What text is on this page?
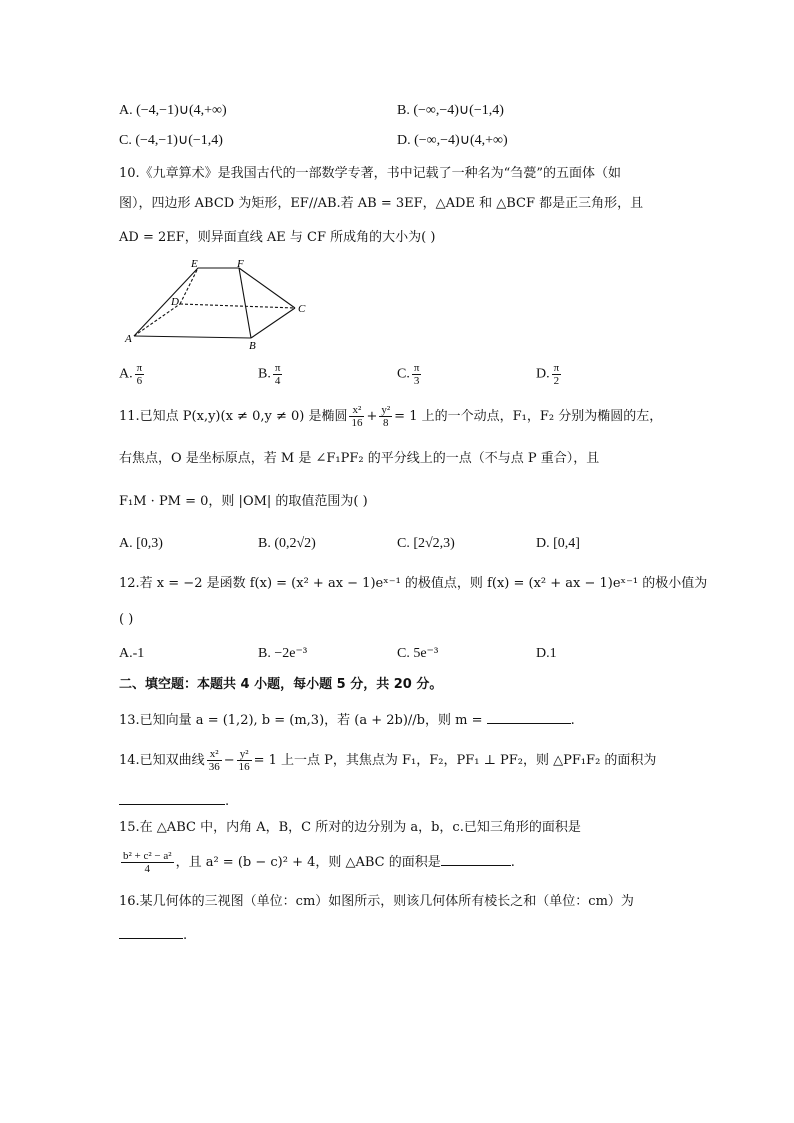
A. (−4,−1)∪(4,+∞)	B. (−∞,−4)∪(−1,4)
C. (−4,−1)∪(−1,4)	D. (−∞,−4)∪(4,+∞)
10.《九章算术》是我国古代的一部数学专著，书中记载了一种名为“刍甍”的五面体（如
图），四边形 ABCD 为矩形，EF//AB.若 AB = 3EF，△ADE 和 △BCF 都是正三角形，且
AD = 2EF，则异面直线 AE 与 CF 所成角的大小为( )
E	F
D
C
A
B
A. $\frac{\pi}{6}$	B. $\frac{\pi}{4}$	C. $\frac{\pi}{3}$	D. $\frac{\pi}{2}$
11.已知点 P(x,y)(x ≠ 0,y ≠ 0) 是椭圆 $\frac{\text{x²}}{16} + \frac{\text{y²}}{8} = 1$ 上的一个动点，F₁，F₂ 分别为椭圆的左，
右焦点，O 是坐标原点，若 M 是 ∠F₁PF₂ 的平分线上的一点（不与点 P 重合），且
F₁M · PM = 0，则 |OM| 的取值范围为( )
A. [0,3)	B. (0,2√2)	C. [2√2,3)	D. [0,4]
12.若 x = −2 是函数 f(x) = (x² + ax − 1)eˣ⁻¹ 的极值点，则 f(x) = (x² + ax − 1)eˣ⁻¹ 的极小值为
( )
A.-1	B. −2e⁻³	C. 5e⁻³	D.1
二、填空题：本题共 4 小题，每小题 5 分，共 20 分。
13.已知向量 a = (1,2), b = (m,3)，若 (a + 2b)//b，则 m =	.
14.已知双曲线 $\frac{\text{x²}}{36} - \frac{\text{y²}}{16} = 1$ 上一点 P，其焦点为 F₁，F₂，PF₁ ⊥ PF₂，则 △PF₁F₂ 的面积为
.
15.在 △ABC 中，内角 A，B，C 所对的边分别为 a，b，c.已知三角形的面积是
$\frac{\text{b² + c² − a²}}{4}$ ，且 a² = (b − c)² + 4，则 △ABC 的面积是	.
16.某几何体的三视图（单位：cm）如图所示，则该几何体所有棱长之和（单位：cm）为
.
